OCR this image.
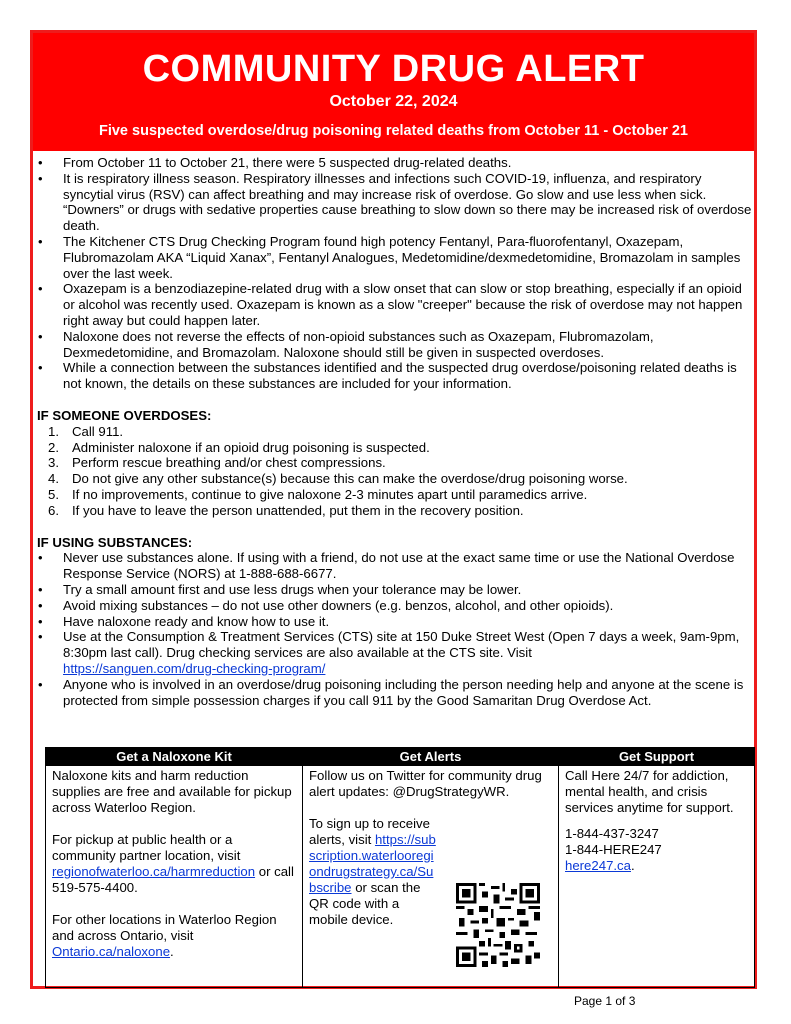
COMMUNITY DRUG ALERT
October 22, 2024
Five suspected overdose/drug poisoning related deaths from October 11 - October 21
• From October 11 to October 21, there were 5 suspected drug-related deaths.
• It is respiratory illness season. Respiratory illnesses and infections such COVID-19, influenza, and respiratory syncytial virus (RSV) can affect breathing and may increase risk of overdose. Go slow and use less when sick. “Downers” or drugs with sedative properties cause breathing to slow down so there may be increased risk of overdose death.
• The Kitchener CTS Drug Checking Program found high potency Fentanyl, Para-fluorofentanyl, Oxazepam, Flubromazolam AKA “Liquid Xanax”, Fentanyl Analogues, Medetomidine/dexmedetomidine, Bromazolam in samples over the last week.
• Oxazepam is a benzodiazepine-related drug with a slow onset that can slow or stop breathing, especially if an opioid or alcohol was recently used. Oxazepam is known as a slow "creeper" because the risk of overdose may not happen right away but could happen later.
• Naloxone does not reverse the effects of non-opioid substances such as Oxazepam, Flubromazolam, Dexmedetomidine, and Bromazolam. Naloxone should still be given in suspected overdoses.
• While a connection between the substances identified and the suspected drug overdose/poisoning related deaths is not known, the details on these substances are included for your information.
IF SOMEONE OVERDOSES:
1. Call 911.
2. Administer naloxone if an opioid drug poisoning is suspected.
3. Perform rescue breathing and/or chest compressions.
4. Do not give any other substance(s) because this can make the overdose/drug poisoning worse.
5. If no improvements, continue to give naloxone 2-3 minutes apart until paramedics arrive.
6. If you have to leave the person unattended, put them in the recovery position.
IF USING SUBSTANCES:
• Never use substances alone. If using with a friend, do not use at the exact same time or use the National Overdose Response Service (NORS) at 1-888-688-6677.
• Try a small amount first and use less drugs when your tolerance may be lower.
• Avoid mixing substances – do not use other downers (e.g. benzos, alcohol, and other opioids).
• Have naloxone ready and know how to use it.
• Use at the Consumption & Treatment Services (CTS) site at 150 Duke Street West (Open 7 days a week, 9am-9pm, 8:30pm last call). Drug checking services are also available at the CTS site. Visit
https://sanguen.com/drug-checking-program/
• Anyone who is involved in an overdose/drug poisoning including the person needing help and anyone at the scene is protected from simple possession charges if you call 911 by the Good Samaritan Drug Overdose Act.
Get a Naloxone Kit

Naloxone kits and harm reduction supplies are free and available for pickup across Waterloo Region.

For pickup at public health or a community partner location, visit regionofwaterloo.ca/harmreduction or call 519-575-4400.

For other locations in Waterloo Region and across Ontario, visit Ontario.ca/naloxone.

Get Alerts

Follow us on Twitter for community drug alert updates: @DrugStrategyWR.

To sign up to receive alerts, visit https://subscription.waterlooregiondrugstrategy.ca/Subscribe or scan the QR code with a mobile device.

Get Support

Call Here 24/7 for addiction, mental health, and crisis services anytime for support.

1-844-437-3247
1-844-HERE247
here247.ca.
Page 1 of 3
